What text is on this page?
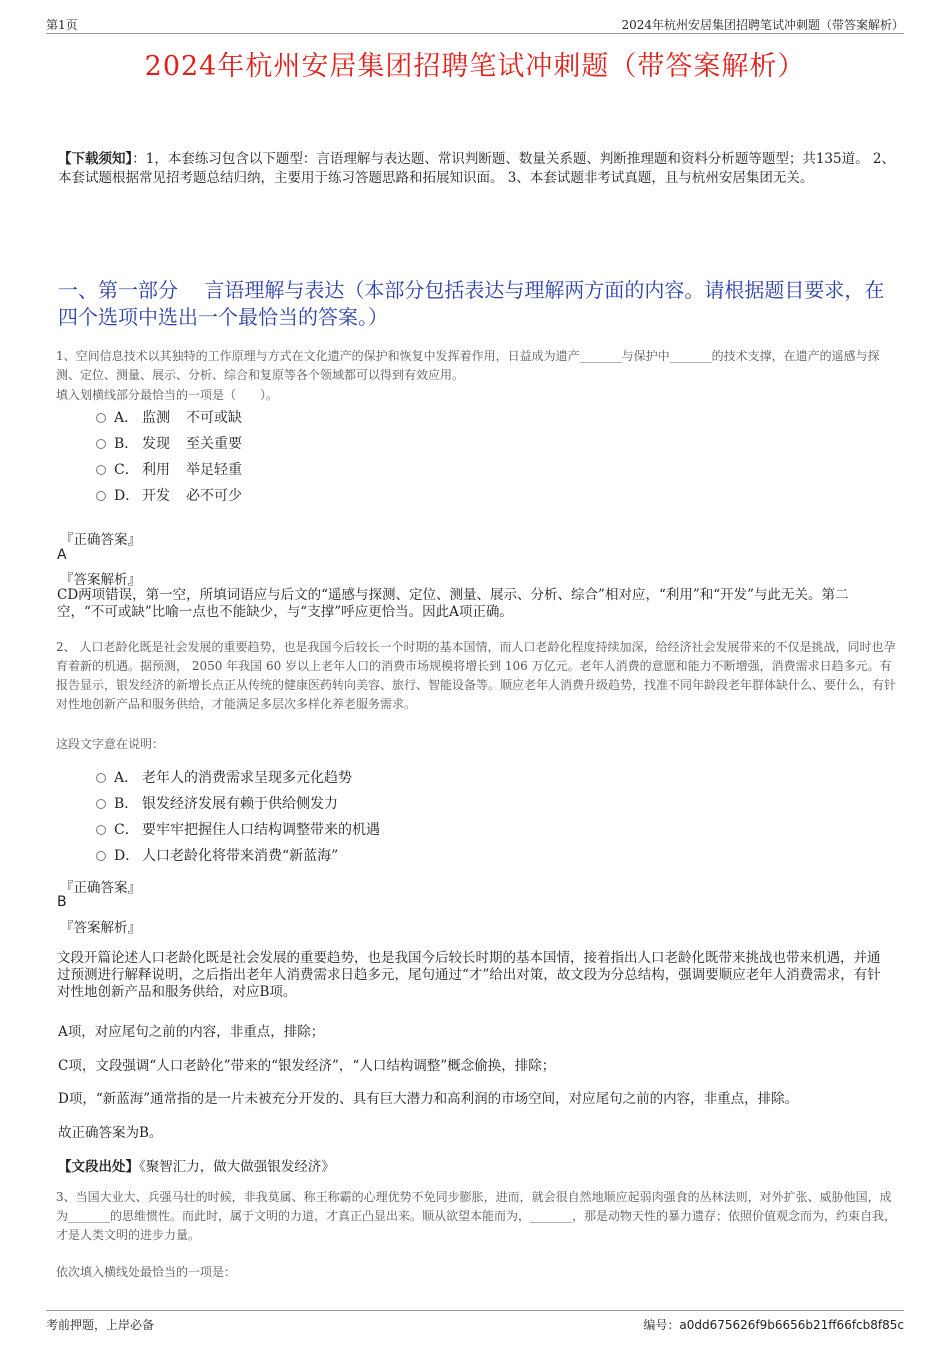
第1页	2024年杭州安居集团招聘笔试冲刺题（带答案解析）
2024年杭州安居集团招聘笔试冲刺题（带答案解析）
【下载须知】：1，本套练习包含以下题型：言语理解与表达题、常识判断题、数量关系题、判断推理题和资料分析题等题型；共135道。 2、本套试题根据常见招考题总结归纳，主要用于练习答题思路和拓展知识面。 3、本套试题非考试真题，且与杭州安居集团无关。
一、第一部分　 言语理解与表达（本部分包括表达与理解两方面的内容。请根据题目要求，在四个选项中选出一个最恰当的答案。）
1、空间信息技术以其独特的工作原理与方式在文化遗产的保护和恢复中发挥着作用，日益成为遗产_______与保护中_______的技术支撑，在遗产的遥感与探测、定位、测量、展示、分析、综合和复原等各个领域都可以得到有效应用。
填入划横线部分最恰当的一项是（　　）。
A． 监测 不可或缺
B． 发现 至关重要
C． 利用 举足轻重
D． 开发 必不可少
『正确答案』
A
『答案解析』
CD两项错误，第一空，所填词语应与后文的“遥感与探测、定位、测量、展示、分析、综合”相对应，“利用”和“开发”与此无关。第二空，“不可或缺”比喻一点也不能缺少，与“支撑”呼应更恰当。因此A项正确。
2、 人口老龄化既是社会发展的重要趋势，也是我国今后较长一个时期的基本国情，而人口老龄化程度持续加深，给经济社会发展带来的不仅是挑战，同时也孕育着新的机遇。据预测， 2050 年我国 60 岁以上老年人口的消费市场规模将增长到 106 万亿元。老年人消费的意愿和能力不断增强，消费需求日趋多元。有报告显示，银发经济的新增长点正从传统的健康医药转向美容、旅行、智能设备等。顺应老年人消费升级趋势，找准不同年龄段老年群体缺什么、要什么，有针对性地创新产品和服务供给，才能满足多层次多样化养老服务需求。
这段文字意在说明：
A． 老年人的消费需求呈现多元化趋势
B． 银发经济发展有赖于供给侧发力
C． 要牢牢把握住人口结构调整带来的机遇
D． 人口老龄化将带来消费“新蓝海”
『正确答案』
B
『答案解析』
文段开篇论述人口老龄化既是社会发展的重要趋势，也是我国今后较长时期的基本国情，接着指出人口老龄化既带来挑战也带来机遇，并通过预测进行解释说明，之后指出老年人消费需求日趋多元，尾句通过“才”给出对策，故文段为分总结构，强调要顺应老年人消费需求，有针对性地创新产品和服务供给，对应B项。
A项，对应尾句之前的内容，非重点，排除；
C项，文段强调“人口老龄化”带来的“银发经济”，“人口结构调整”概念偷换，排除；
D项，“新蓝海”通常指的是一片未被充分开发的、具有巨大潜力和高利润的市场空间，对应尾句之前的内容，非重点，排除。
故正确答案为B。
【文段出处】《聚智汇力，做大做强银发经济》
3、当国大业大、兵强马壮的时候，非我莫属、称王称霸的心理优势不免同步膨胀，进而，就会很自然地顺应起弱肉强食的丛林法则，对外扩张、威胁他国，成为_______的思维惯性。而此时，属于文明的力道，才真正凸显出来。顺从欲望本能而为，_______，那是动物天性的暴力遗存；依照价值观念而为，约束自我，才是人类文明的进步力量。
依次填入横线处最恰当的一项是：
考前押题，上岸必备	编号：a0dd675626f9b6656b21ff66fcb8f85c
